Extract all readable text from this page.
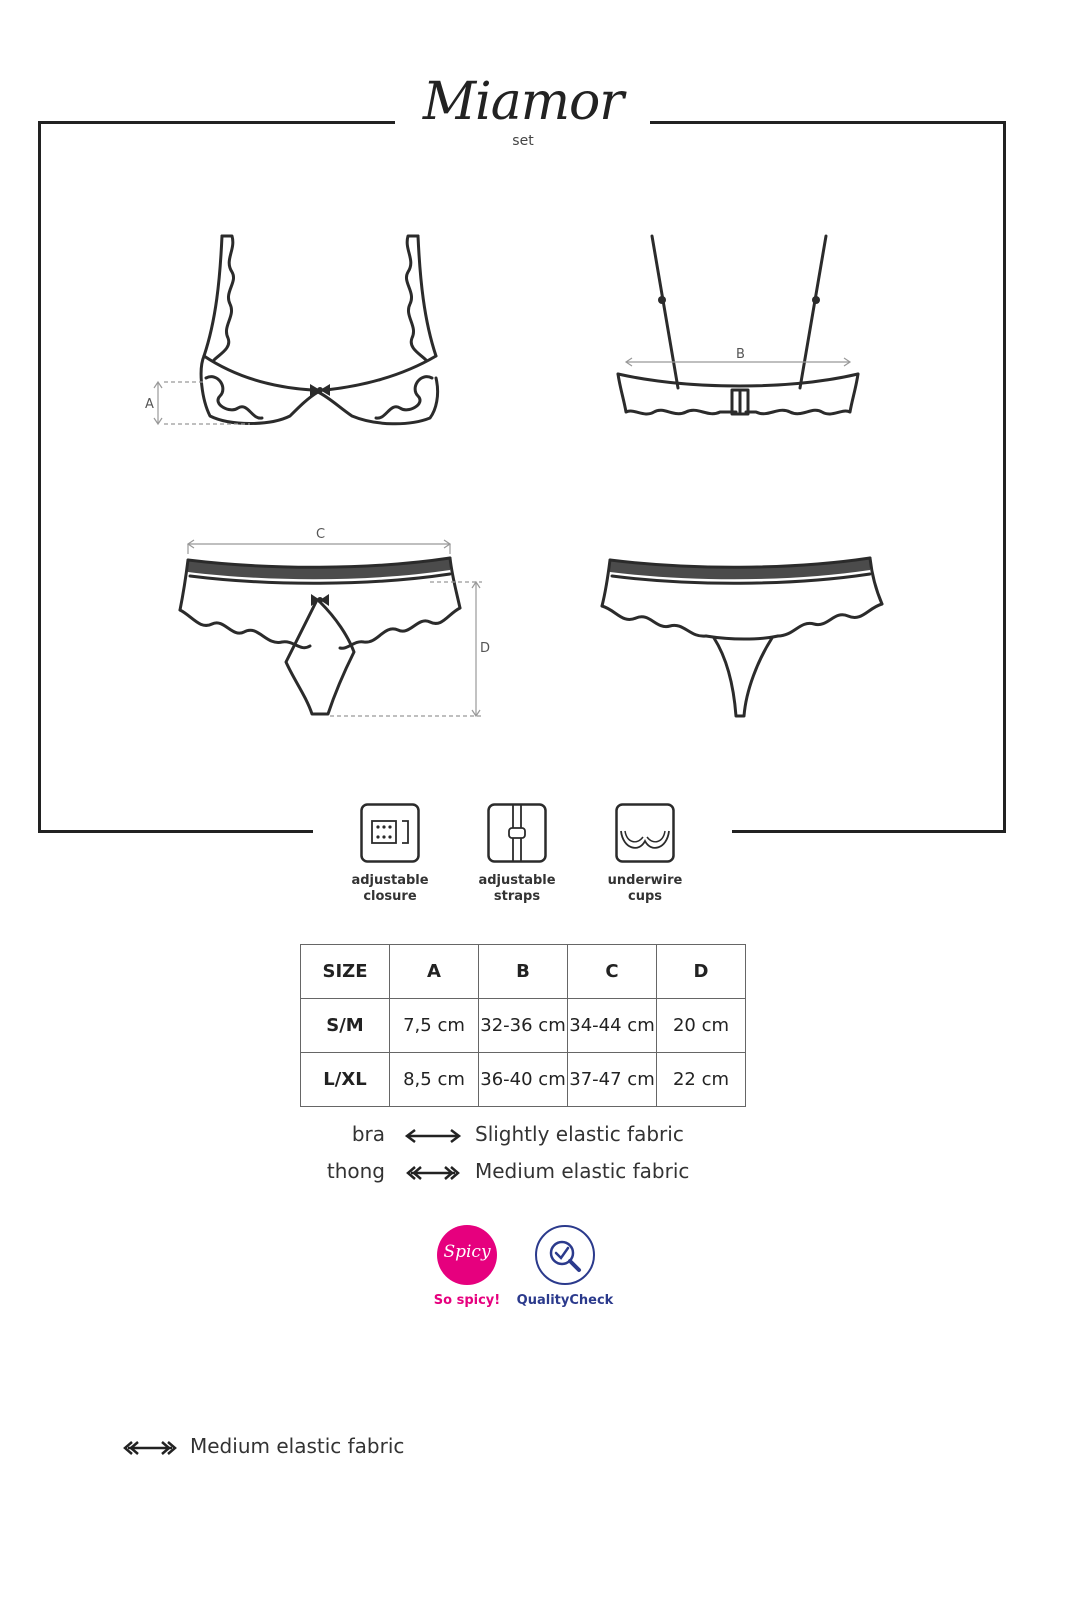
Miamor
set
A
B
C
D
adjustable
closure
adjustable
straps
underwire
cups
SIZE	A	B	C	D
S/M	7,5 cm	32-36 cm	34-44 cm	20 cm
L/XL	8,5 cm	36-40 cm	37-47 cm	22 cm
bra	Slightly elastic fabric
thong	Medium elastic fabric
Spicy
So spicy!	QualityCheck
Medium elastic fabric
